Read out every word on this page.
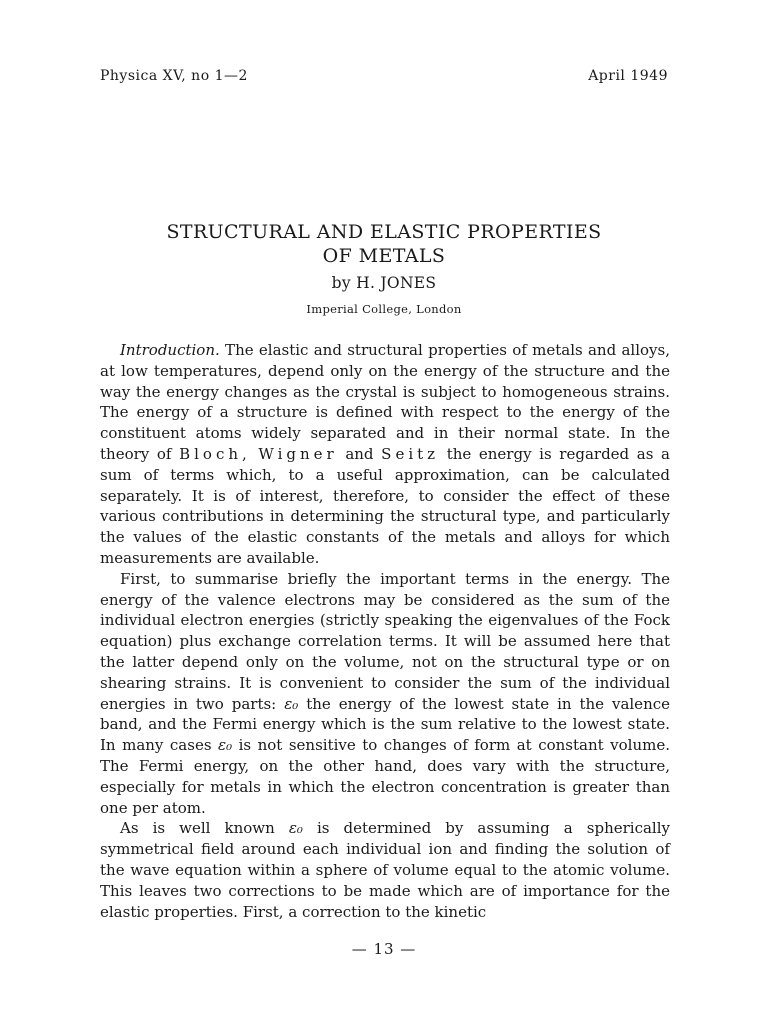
Physica XV, no 1—2	April 1949
STRUCTURAL AND ELASTIC PROPERTIES
OF METALS
by H. JONES
Imperial College, London

Introduction. The elastic and structural properties of metals and alloys, at low temperatures, depend only on the energy of the structure and the way the energy changes as the crystal is subject to homogeneous strains. The energy of a structure is defined with respect to the energy of the constituent atoms widely separated and in their normal state. In the theory of Bloch, Wigner and Seitz the energy is regarded as a sum of terms which, to a useful approximation, can be calculated separately. It is of interest, therefore, to consider the effect of these various contributions in determining the structural type, and particularly the values of the elastic constants of the metals and alloys for which measurements are available.

First, to summarise briefly the important terms in the energy. The energy of the valence electrons may be considered as the sum of the individual electron energies (strictly speaking the eigenvalues of the Fock equation) plus exchange correlation terms. It will be assumed here that the latter depend only on the volume, not on the structural type or on shearing strains. It is convenient to consider the sum of the individual energies in two parts: ε₀ the energy of the lowest state in the valence band, and the Fermi energy which is the sum relative to the lowest state. In many cases ε₀ is not sensitive to changes of form at constant volume. The Fermi energy, on the other hand, does vary with the structure, especially for metals in which the electron concentration is greater than one per atom.

As is well known ε₀ is determined by assuming a spherically symmetrical field around each individual ion and finding the solution of the wave equation within a sphere of volume equal to the atomic volume. This leaves two corrections to be made which are of importance for the elastic properties. First, a correction to the kinetic

— 13 —
